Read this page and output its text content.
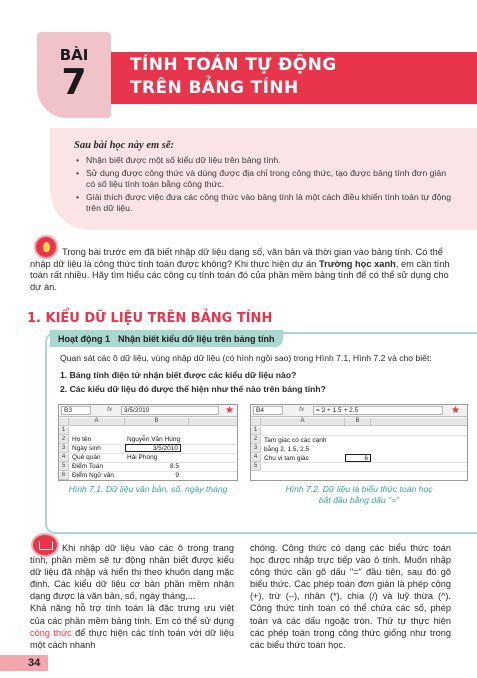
BÀI
7	TÍNH TOÁN TỰ ĐỘNG
TRÊN BẢNG TÍNH
Sau bài học này em sẽ:
• Nhận biết được một số kiểu dữ liệu trên bảng tính.
• Sử dụng được công thức và dùng được địa chỉ trong công thức, tạo được bảng tính đơn giản có số liệu tính toán bằng công thức.
• Giải thích được việc đưa các công thức vào bảng tính là một cách điều khiển tính toán tự động trên dữ liệu.

Trong bài trước em đã biết nhập dữ liệu dạng số, văn bản và thời gian vào bảng tính. Có thể nhập dữ liệu là công thức tính toán được không? Khi thực hiện dự án Trường học xanh, em cần tính toán rất nhiều. Hãy tìm hiểu các công cụ tính toán đó của phần mềm bảng tính để có thể sử dụng cho dự án.

1. KIỂU DỮ LIỆU TRÊN BẢNG TÍNH
Hoạt động 1 Nhận biết kiểu dữ liệu trên bảng tính
Quan sát các ô dữ liệu, vùng nhập dữ liệu (có hình ngôi sao) trong Hình 7.1, Hình 7.2 và cho biết:
1. Bảng tính điện tử nhận biết được các kiểu dữ liệu nào?
2. Các kiểu dữ liệu đó được thể hiện như thế nào trên bảng tính?
B3	fx	3/5/2010	★
A	B
1
2
3
4
5
6
Họ tên	Nguyễn Văn Hùng
Ngày sinh	3/5/2010
Quê quán	Hải Phòng
Điểm Toán	8.5
Điểm Ngữ văn	9
Hình 7.1. Dữ liệu văn bản, số, ngày tháng
B4	fx	= 2 + 1.5 + 2.5	★
A	B
1
2
3
4
5
Tam giác có các cạnh
bằng 2, 1.5, 2.5
Chu vi tam giác	6
Hình 7.2. Dữ liệu là biểu thức toán học
bắt đầu bằng dấu "="

Khi nhập dữ liệu vào các ô trong trang tính, phần mềm sẽ tự động nhận biết được kiểu dữ liệu đã nhập và hiển thị theo khuôn dạng mặc định. Các kiểu dữ liệu cơ bản phần mềm nhận dạng được là văn bản, số, ngày tháng,...

Khả năng hỗ trợ tính toán là đặc trưng ưu việt của các phần mềm bảng tính. Em có thể sử dụng công thức để thực hiện các tính toán với dữ liệu một cách nhanh

chóng. Công thức có dạng các biểu thức toán học được nhập trực tiếp vào ô tính. Muốn nhập công thức cần gõ dấu "=" đầu tiên, sau đó gõ biểu thức. Các phép toán đơn giản là phép cộng (+), trừ (–), nhân (*), chia (/) và luỹ thừa (^). Công thức tính toán có thể chứa các số, phép toán và các dấu ngoặc tròn. Thứ tự thực hiện các phép toán trong công thức giống như trong các biểu thức toán học.
34
